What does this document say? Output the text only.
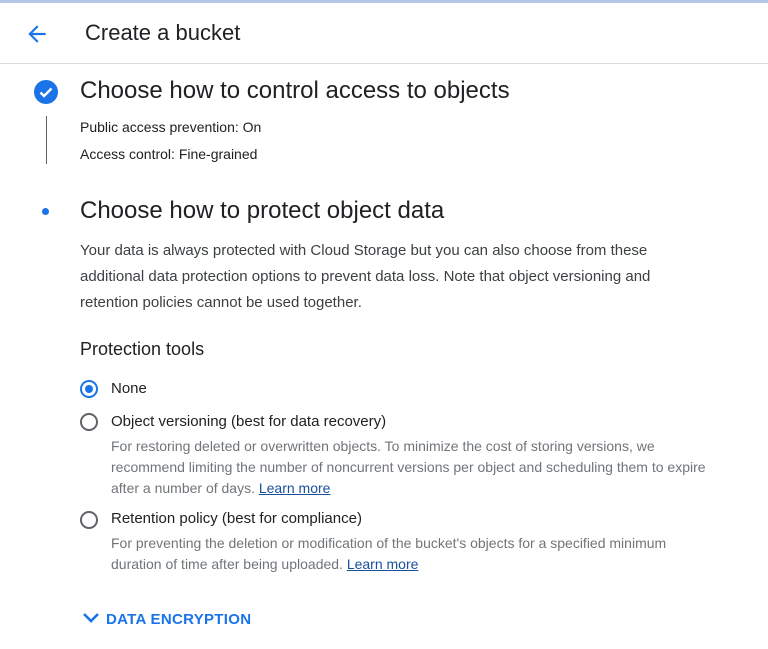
Create a bucket
Choose how to control access to objects
Public access prevention: On
Access control: Fine-grained
Choose how to protect object data
Your data is always protected with Cloud Storage but you can also choose from these additional data protection options to prevent data loss. Note that object versioning and retention policies cannot be used together.
Protection tools
None
Object versioning (best for data recovery)
For restoring deleted or overwritten objects. To minimize the cost of storing versions, we recommend limiting the number of noncurrent versions per object and scheduling them to expire after a number of days. Learn more
Retention policy (best for compliance)
For preventing the deletion or modification of the bucket's objects for a specified minimum duration of time after being uploaded. Learn more
DATA ENCRYPTION
